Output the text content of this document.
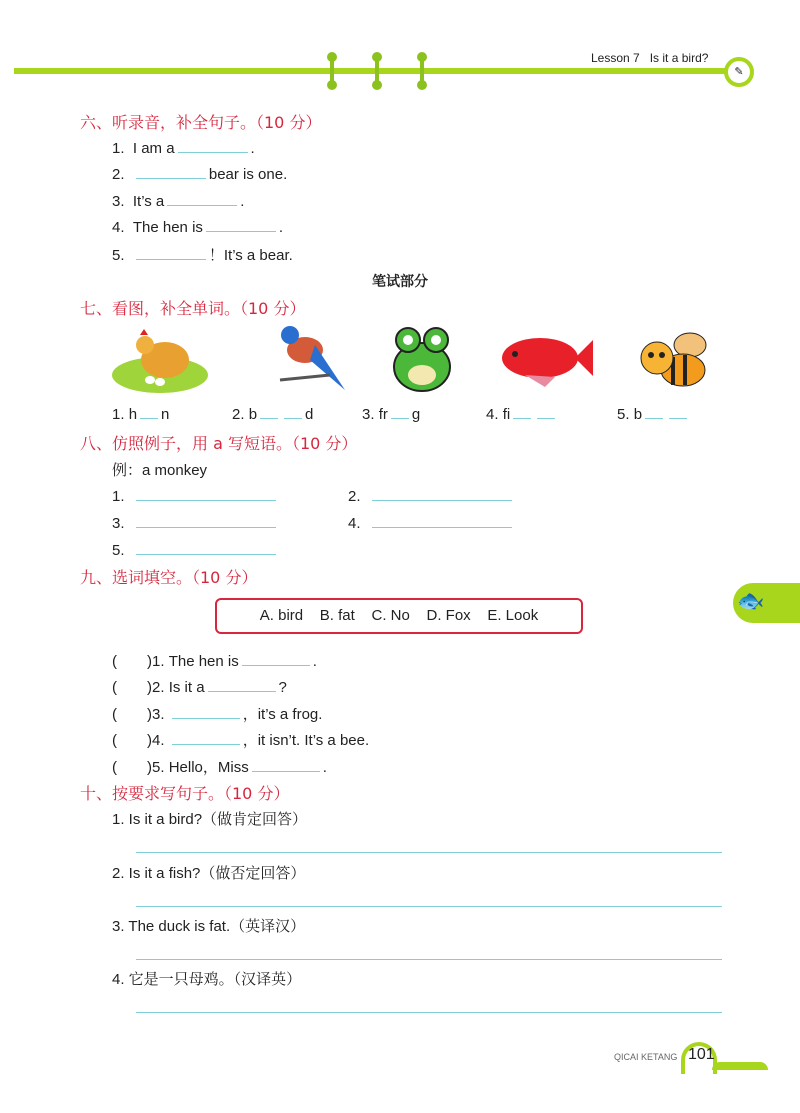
Lesson 7 Is it a bird?
✎
六、听录音，补全句子。（10 分）
笔试部分
七、看图，补全单词。（10 分）
八、仿照例子，用 a 写短语。（10 分）
例：a monkey
九、选词填空。（10 分）
A. bird    B. fat    C. No    D. Fox    E. Look
十、按要求写句子。（10 分）
🐟
QICAI KETANG 101
1. I am a	.
2.	bear is one.
3. It’s a	.
4. The hen is	.
5.	！It’s a bear.
1. h n	2. b	d	3. fr g	4. fi	5. b
1.	2.
3.	4.
5.
(　　)1. The hen is	.
(　　)2. Is it a	?
(　　)3.	，it’s a frog.
(　　)4.	，it isn’t. It’s a bee.
(　　)5. Hello，Miss	.
1. Is it a bird?（做肯定回答）
2. Is it a fish?（做否定回答）
3. The duck is fat.（英译汉）
4. 它是一只母鸡。（汉译英）
